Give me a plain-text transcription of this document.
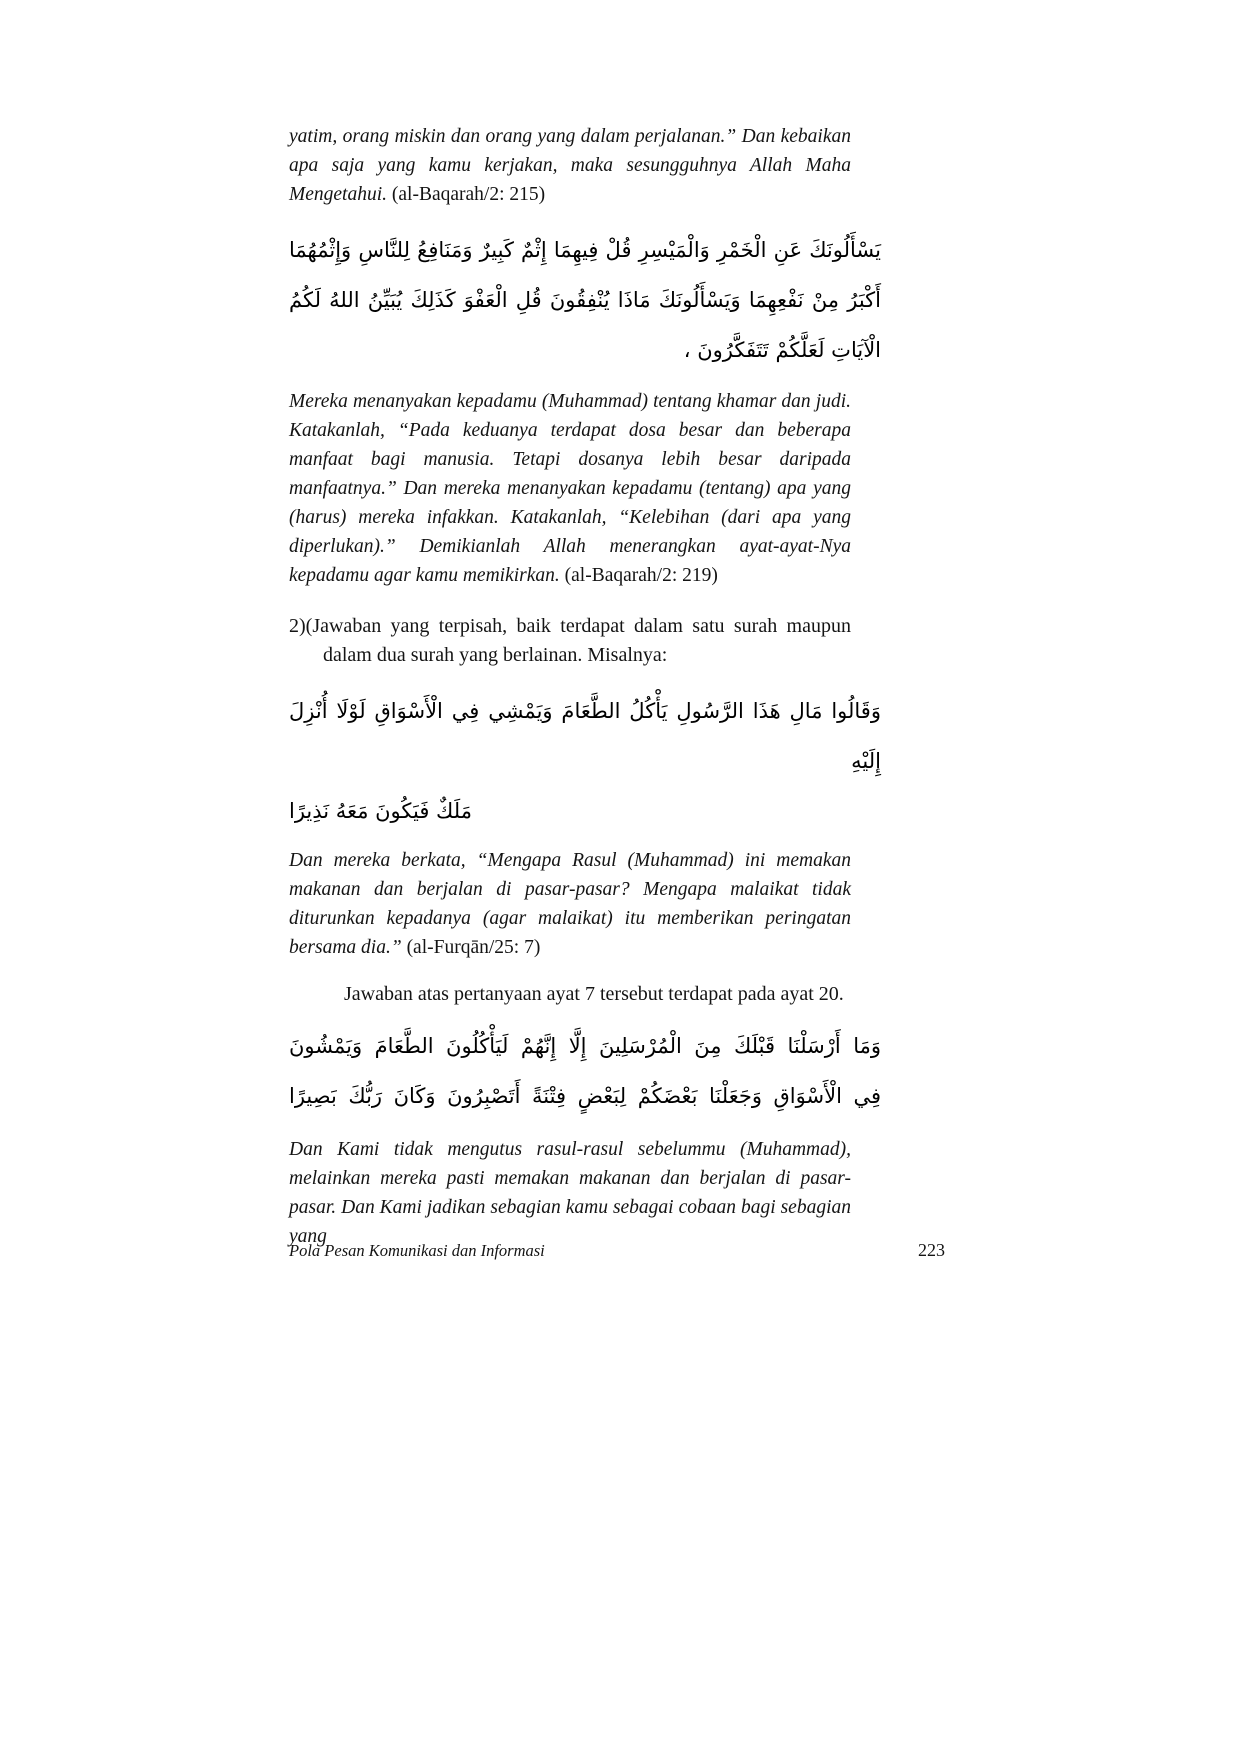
yatim, orang miskin dan orang yang dalam perjalanan.” Dan kebaikan apa saja yang kamu kerjakan, maka sesungguhnya Allah Maha Mengetahui. (al-Baqarah/2: 215)

يَسْأَلُونَكَ عَنِ الْخَمْرِ وَالْمَيْسِرِ قُلْ فِيهِمَا إِثْمٌ كَبِيرٌ وَمَنَافِعُ لِلنَّاسِ وَإِثْمُهُمَا
أَكْبَرُ مِنْ نَفْعِهِمَا وَيَسْأَلُونَكَ مَاذَا يُنْفِقُونَ قُلِ الْعَفْوَ كَذَلِكَ يُبَيِّنُ اللهُ لَكُمُ
الْآيَاتِ لَعَلَّكُمْ تَتَفَكَّرُونَ ،

Mereka menanyakan kepadamu (Muhammad) tentang khamar dan judi. Katakanlah, “Pada keduanya terdapat dosa besar dan beberapa manfaat bagi manusia. Tetapi dosanya lebih besar daripada manfaatnya.” Dan mereka menanyakan kepadamu (tentang) apa yang (harus) mereka infakkan. Katakanlah, “Kelebihan (dari apa yang diperlukan).” Demikianlah Allah menerangkan ayat-ayat-Nya kepadamu agar kamu memikirkan. (al-Baqarah/2: 219)

2)(Jawaban yang terpisah, baik terdapat dalam satu surah maupun dalam dua surah yang berlainan. Misalnya:
وَقَالُوا مَالِ هَذَا الرَّسُولِ يَأْكُلُ الطَّعَامَ وَيَمْشِي فِي الْأَسْوَاقِ لَوْلَا أُنْزِلَ إِلَيْهِ
مَلَكٌ فَيَكُونَ مَعَهُ نَذِيرًا

Dan mereka berkata, “Mengapa Rasul (Muhammad) ini memakan makanan dan berjalan di pasar-pasar? Mengapa malaikat tidak diturunkan kepadanya (agar malaikat) itu memberikan peringatan bersama dia.” (al-Furqān/25: 7)

Jawaban atas pertanyaan ayat 7 tersebut terdapat pada ayat 20.

وَمَا أَرْسَلْنَا قَبْلَكَ مِنَ الْمُرْسَلِينَ إِلَّا إِنَّهُمْ لَيَأْكُلُونَ الطَّعَامَ وَيَمْشُونَ
فِي الْأَسْوَاقِ وَجَعَلْنَا بَعْضَكُمْ لِبَعْضٍ فِتْنَةً أَتَصْبِرُونَ وَكَانَ رَبُّكَ بَصِيرًا

Dan Kami tidak mengutus rasul-rasul sebelummu (Muhammad), melainkan mereka pasti memakan makanan dan berjalan di pasar-pasar. Dan Kami jadikan sebagian kamu sebagai cobaan bagi sebagian yang

Pola Pesan Komunikasi dan Informasi	223
